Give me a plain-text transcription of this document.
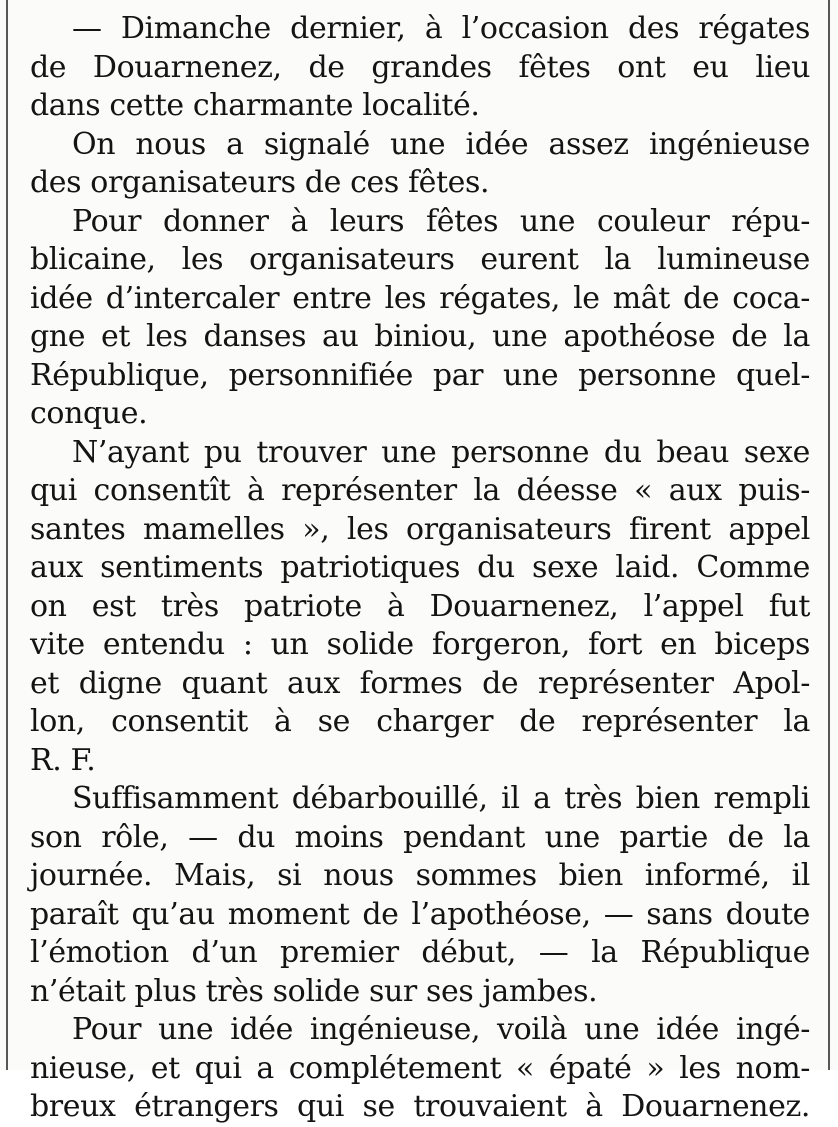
— Dimanche dernier, à l’occasion des régates
de Douarnenez, de grandes fêtes ont eu lieu
dans cette charmante localité.
On nous a signalé une idée assez ingénieuse
des organisateurs de ces fêtes.
Pour donner à leurs fêtes une couleur répu-
blicaine, les organisateurs eurent la lumineuse
idée d’intercaler entre les régates, le mât de coca-
gne et les danses au biniou, une apothéose de la
République, personnifiée par une personne quel-
conque.
N’ayant pu trouver une personne du beau sexe
qui consentît à représenter la déesse « aux puis-
santes mamelles », les organisateurs firent appel
aux sentiments patriotiques du sexe laid. Comme
on est très patriote à Douarnenez, l’appel fut
vite entendu : un solide forgeron, fort en biceps
et digne quant aux formes de représenter Apol-
lon, consentit à se charger de représenter la
R. F.
Suffisamment débarbouillé, il a très bien rempli
son rôle, — du moins pendant une partie de la
journée. Mais, si nous sommes bien informé, il
paraît qu’au moment de l’apothéose, — sans doute
l’émotion d’un premier début, — la République
n’était plus très solide sur ses jambes.
Pour une idée ingénieuse, voilà une idée ingé-
nieuse, et qui a complétement « épaté » les nom-
breux étrangers qui se trouvaient à Douarnenez.
